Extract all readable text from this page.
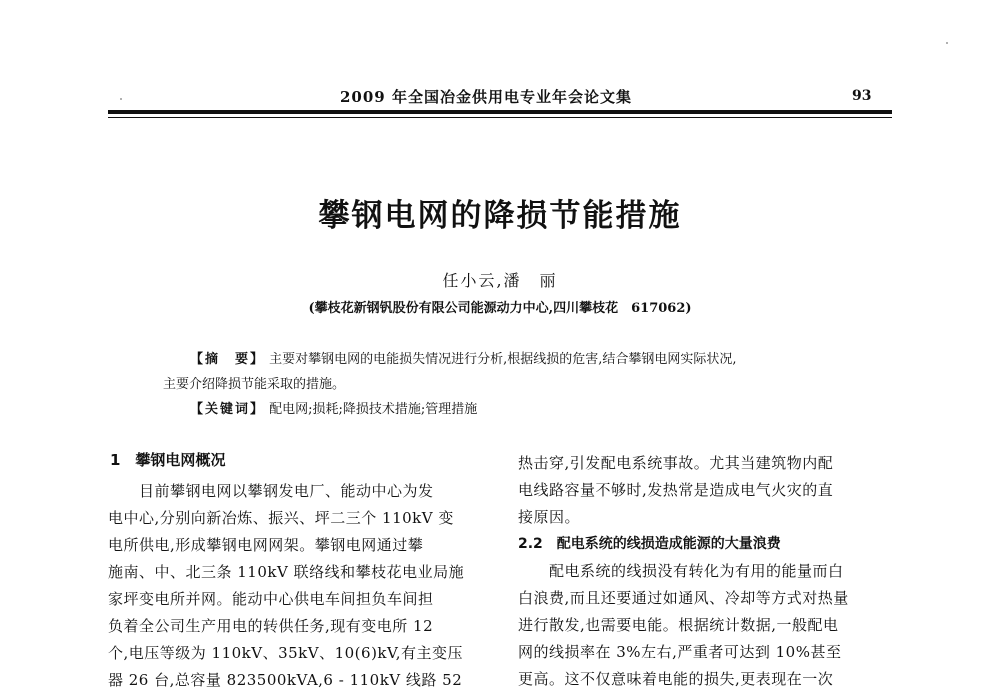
2009 年全国冶金供用电专业年会论文集	93
攀钢电网的降损节能措施
任小云,潘　丽
(攀枝花新钢钒股份有限公司能源动力中心,四川攀枝花　617062)
【摘　要】 主要对攀钢电网的电能损失情况进行分析,根据线损的危害,结合攀钢电网实际状况,
主要介绍降损节能采取的措施。
【关键词】 配电网;损耗;降损技术措施;管理措施
1　攀钢电网概况
　　目前攀钢电网以攀钢发电厂、能动中心为发
电中心,分别向新冶炼、振兴、坪二三个 110kV 变
电所供电,形成攀钢电网网架。攀钢电网通过攀
施南、中、北三条 110kV 联络线和攀枝花电业局施
家坪变电所并网。能动中心供电车间担负车间担
负着全公司生产用电的转供任务,现有变电所 12
个,电压等级为 110kV、35kV、10(6)kV,有主变压
器 26 台,总容量 823500kVA,6 - 110kV 线路 52
热击穿,引发配电系统事故。尤其当建筑物内配
电线路容量不够时,发热常是造成电气火灾的直
接原因。
2.2　配电系统的线损造成能源的大量浪费
　　配电系统的线损没有转化为有用的能量而白
白浪费,而且还要通过如通风、冷却等方式对热量
进行散发,也需要电能。根据统计数据,一般配电
网的线损率在 3%左右,严重者可达到 10%甚至
更高。这不仅意味着电能的损失,更表现在一次
